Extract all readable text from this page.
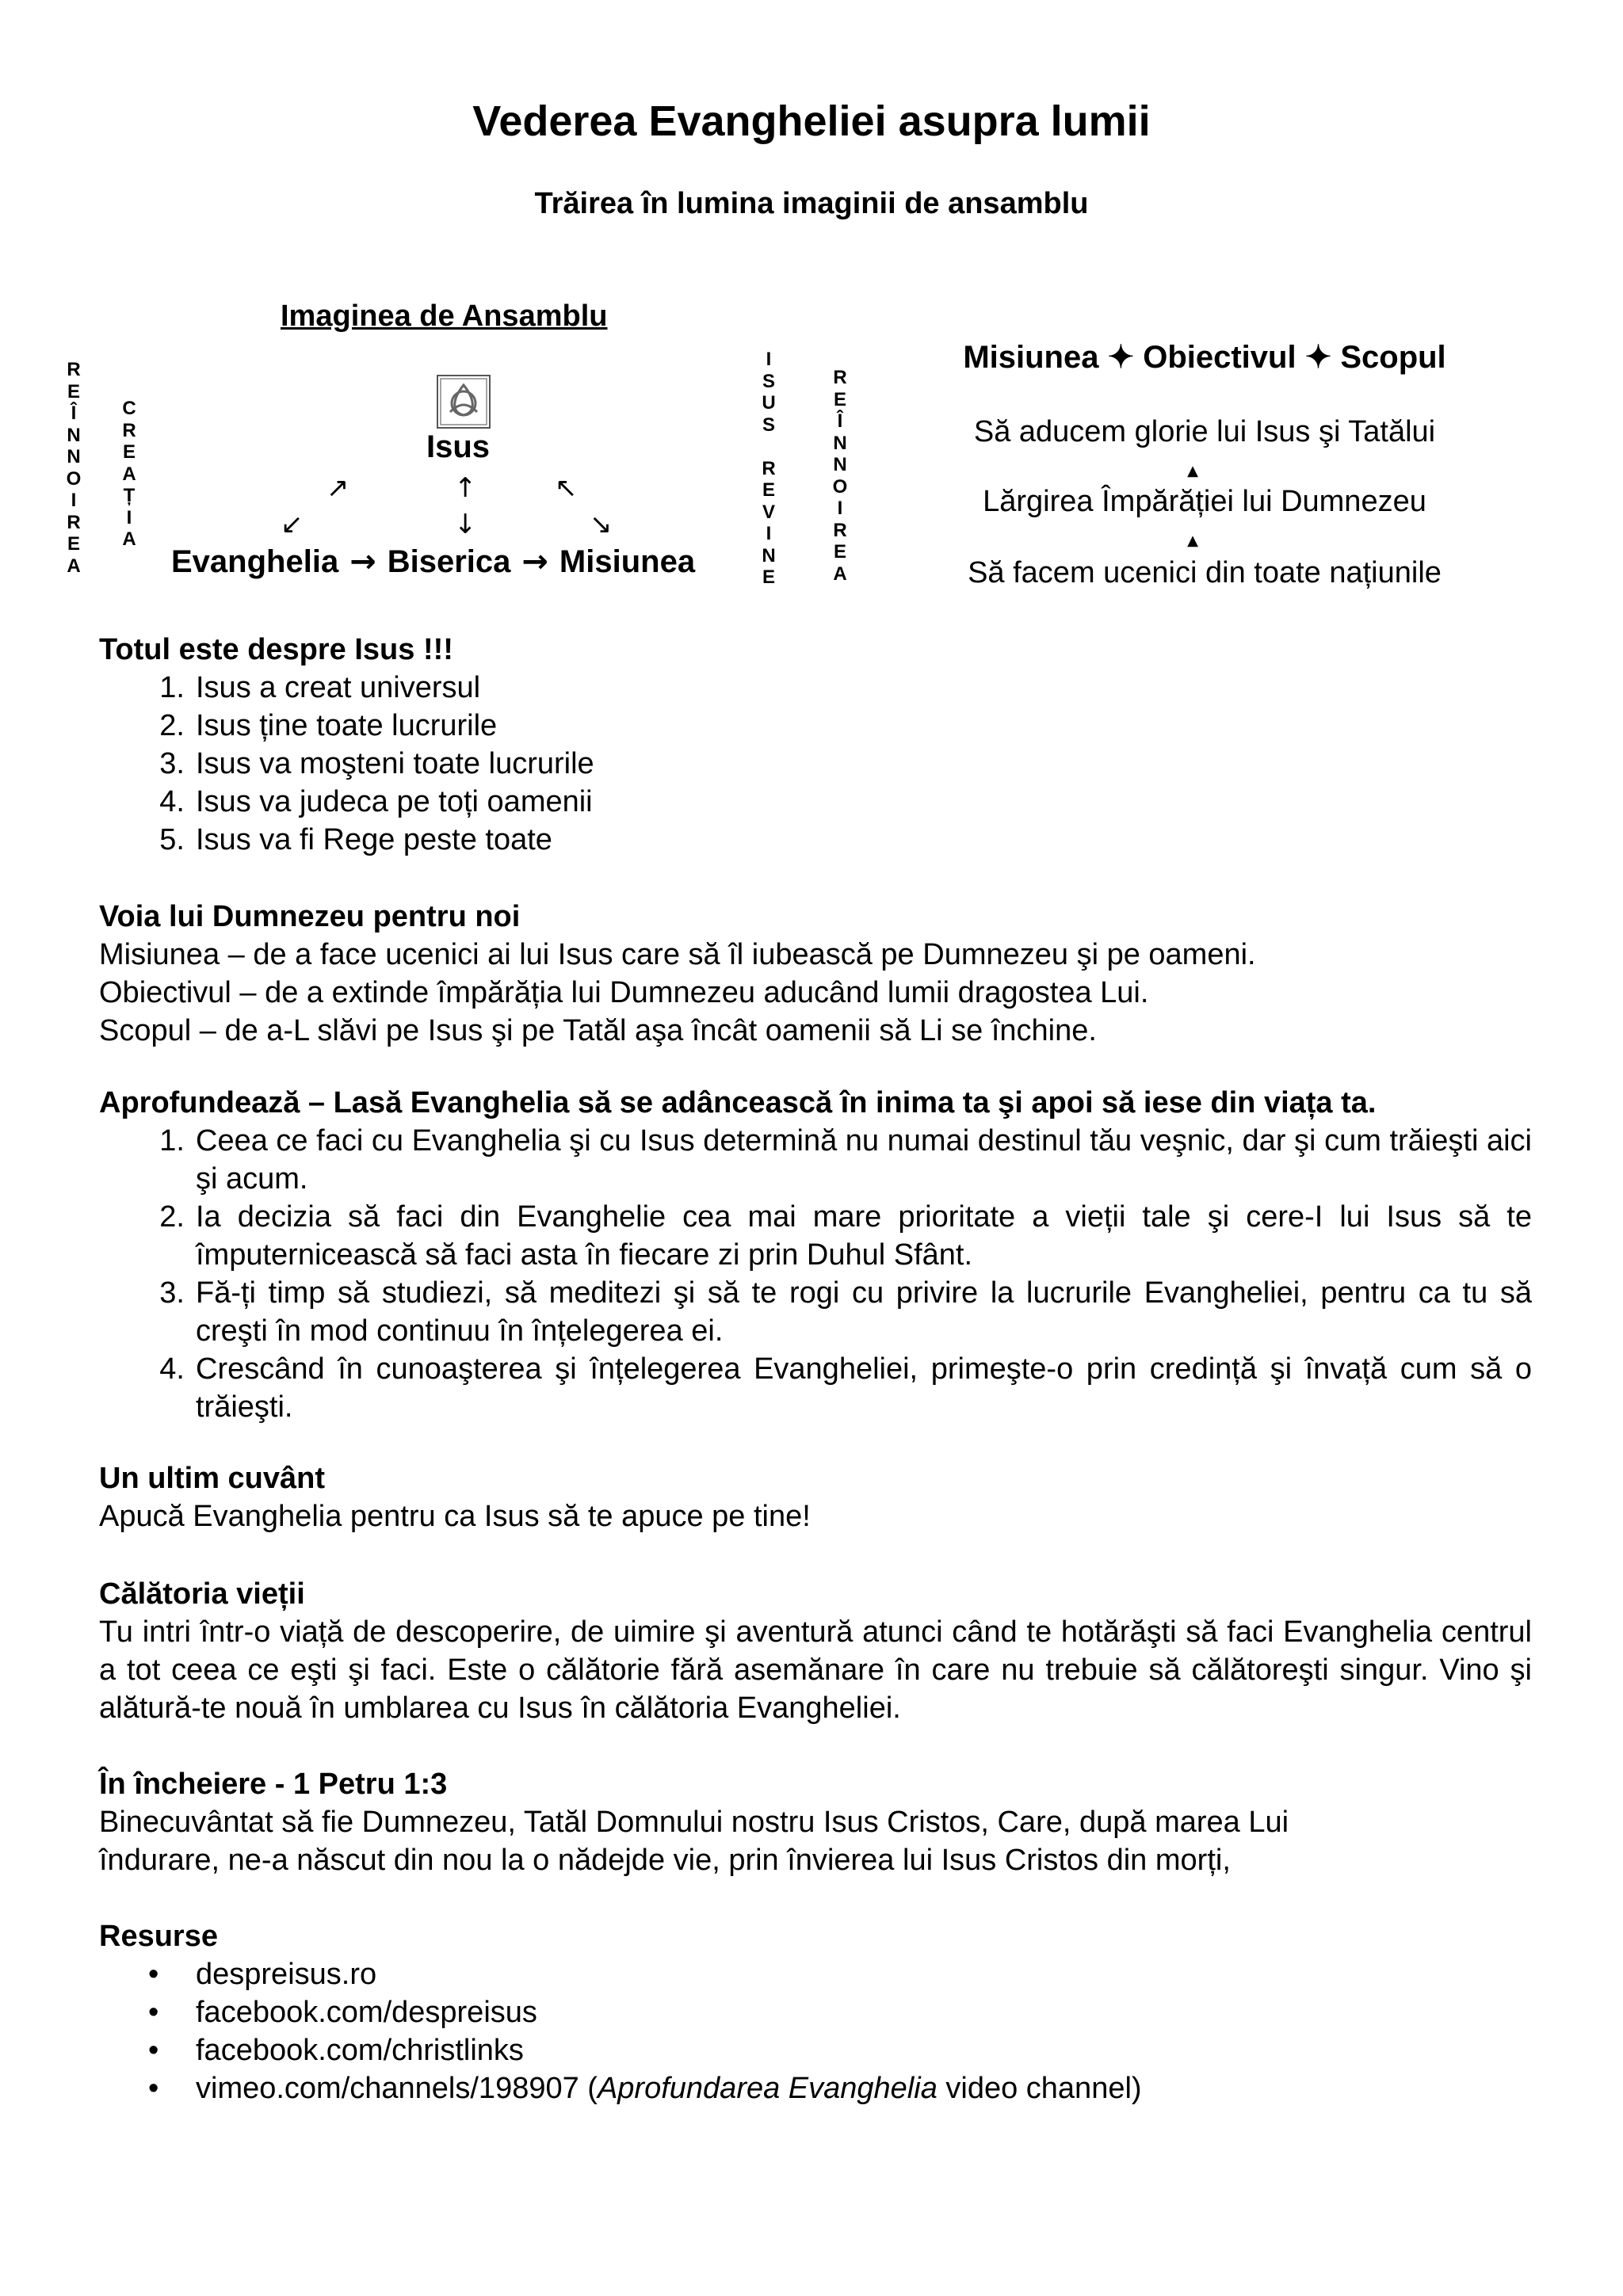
Vederea Evangheliei asupra lumii
Trăirea în lumina imaginii de ansamblu
R
E
Î
N
N
O
I
R
E
A
C
R
E
A
Ț
I
A
I
S
U
S
R
E
V
I
N
E
R
E
Î
N
N
O
I
R
E
A
Imaginea de Ansamblu
Isus
↗	↑	↖
↙	↓	↘
Evanghelia → Biserica → Misiunea
Misiunea ✦ Obiectivul ✦ Scopul
Să aducem glorie lui Isus şi Tatălui
▲
Lărgirea Împărăției lui Dumnezeu
▲
Să facem ucenici din toate națiunile
Totul este despre Isus !!!
1. Isus a creat universul
2. Isus ține toate lucrurile
3. Isus va moşteni toate lucrurile
4. Isus va judeca pe toți oamenii
5. Isus va fi Rege peste toate
Voia lui Dumnezeu pentru noi
Misiunea – de a face ucenici ai lui Isus care să îl iubească pe Dumnezeu şi pe oameni.
Obiectivul – de a extinde împărăția lui Dumnezeu aducând lumii dragostea Lui.
Scopul – de a-L slăvi pe Isus şi pe Tatăl aşa încât oamenii să Li se închine.
Aprofundează – Lasă Evanghelia să se adâncească în inima ta şi apoi să iese din viața ta.
1. Ceea ce faci cu Evanghelia şi cu Isus determină nu numai destinul tău veşnic, dar şi cum trăieşti aici şi acum.
2. Ia decizia să faci din Evanghelie cea mai mare prioritate a vieții tale şi cere-I lui Isus să te împuternicească să faci asta în fiecare zi prin Duhul Sfânt.
3. Fă-ți timp să studiezi, să meditezi şi să te rogi cu privire la lucrurile Evangheliei, pentru ca tu să creşti în mod continuu în înțelegerea ei.
4. Crescând în cunoaşterea şi înțelegerea Evangheliei, primeşte-o prin credință şi învață cum să o trăieşti.
Un ultim cuvânt
Apucă Evanghelia pentru ca Isus să te apuce pe tine!
Călătoria vieții
Tu intri într-o viață de descoperire, de uimire şi aventură atunci când te hotărăşti să faci Evanghelia centrul a tot ceea ce eşti şi faci. Este o călătorie fără asemănare în care nu trebuie să călătoreşti singur. Vino şi alătură-te nouă în umblarea cu Isus în călătoria Evangheliei.
În încheiere - 1 Petru 1:3
Binecuvântat să fie Dumnezeu, Tatăl Domnului nostru Isus Cristos, Care, după marea Lui
îndurare, ne-a născut din nou la o nădejde vie, prin învierea lui Isus Cristos din morți,
Resurse
• despreisus.ro
• facebook.com/despreisus
• facebook.com/christlinks
• vimeo.com/channels/198907 (Aprofundarea Evanghelia video channel)
